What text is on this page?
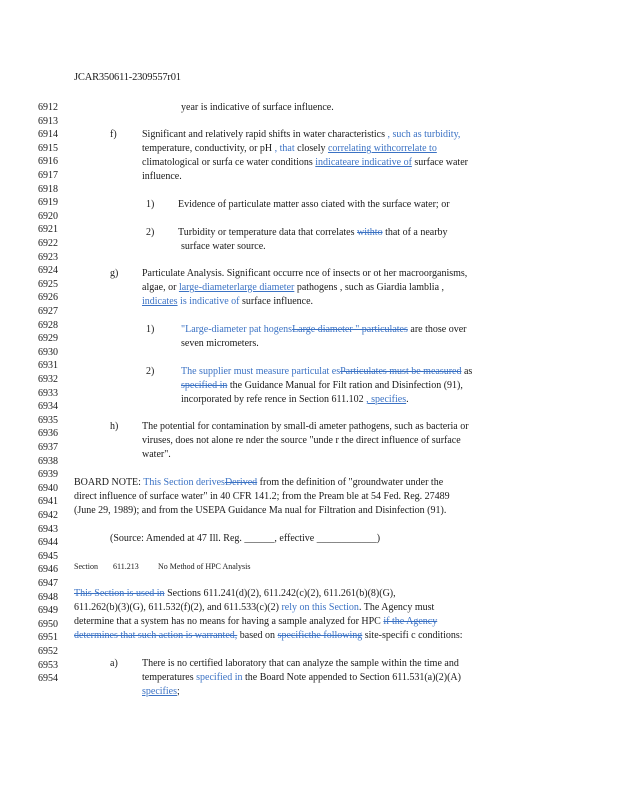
JCAR350611-2309557r01
6912
6913
6914
6915
6916
6917
6918
6919
6920
6921
6922
6923
6924
6925
6926
6927
6928
6929
6930
6931
6932
6933
6934
6935
6936
6937
6938
6939
6940
6941
6942
6943
6944
6945
6946
6947
6948
6949
6950
6951
6952
6953
6954
year is indicative of surface influence.
f)	Significant and relatively rapid shifts in water characteristics , such as turbidity,
temperature, conductivity, or pH , that closely correlating withcorrelate to
climatological or surfa ce water conditions indicateare indicative of surface water
influence.
1) Evidence of particulate matter asso ciated with the surface water; or
2) Turbidity or temperature data that correlates withto that of a nearby
surface water source.
g) Particulate Analysis. Significant occurre nce of insects or ot her macroorganisms,
algae, or large-diameterlarge diameter pathogens , such as Giardia lamblia ,
indicates is indicative of surface influence.
1)	"Large-diameter pat hogensLarge diameter " particulates are those over
seven micrometers.
2)	The supplier must measure particulat esParticulates must be measured as
specified in the Guidance Manual for Filt ration and Disinfection (91),
incorporated by refe rence in Section 611.102 , specifies.
h) The potential for contamination by small-di ameter pathogens, such as bacteria or
viruses, does not alone re nder the source "unde r the direct influence of surface
water".
BOARD NOTE: This Section derivesDerived from the definition of "groundwater under the
direct influence of surface water" in 40 CFR 141.2; from the Pream ble at 54 Fed. Reg. 27489
(June 29, 1989); and from the USEPA Guidance Ma nual for Filtration and Disinfection (91).
(Source: Amended at 47 Ill. Reg. ______, effective ____________)
Section 611.213 No Method of HPC Analysis
This Section is used in Sections 611.241(d)(2), 611.242(c)(2), 611.261(b)(8)(G),
611.262(b)(3)(G), 611.532(f)(2), and 611.533(c)(2) rely on this Section. The Agency must
determine that a system has no means for having a sample analyzed for HPC if the Agency
determines that such action is warranted, based on specificthe following site-specifi c conditions:
a) There is no certified laboratory that can analyze the sample within the time and
temperatures specified in the Board Note appended to Section 611.531(a)(2)(A)
specifies;
